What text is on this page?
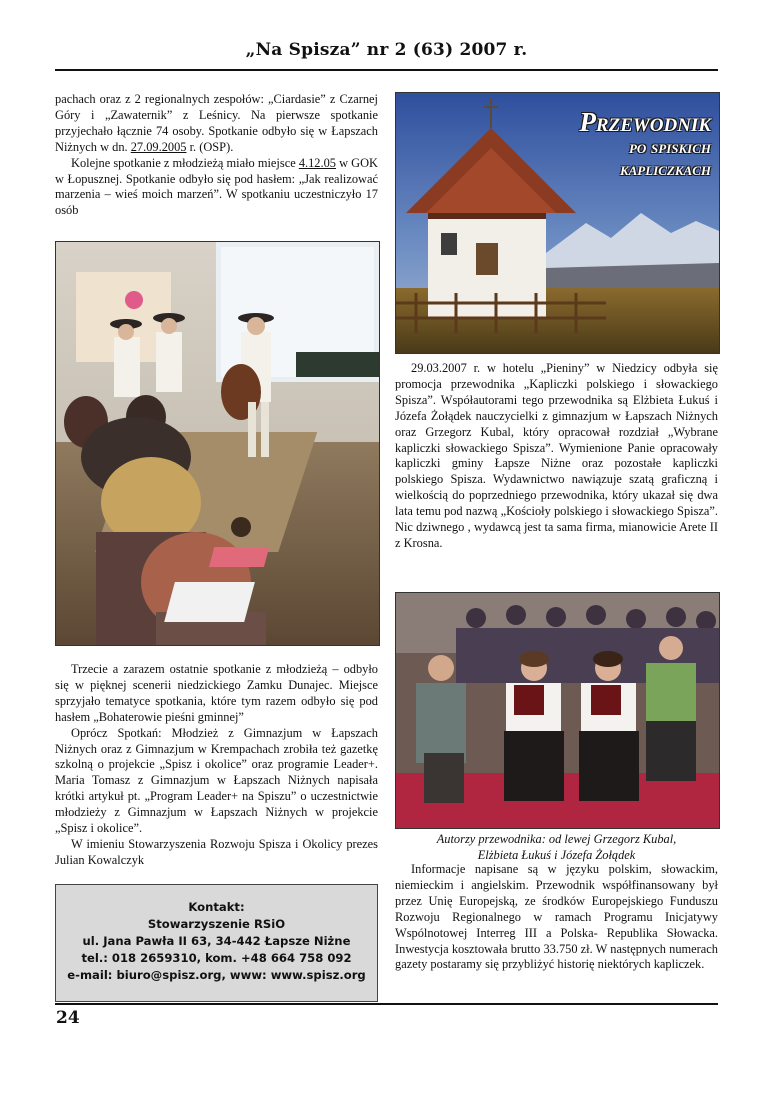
„Na Spisza” nr 2 (63) 2007 r.

pachach oraz z 2 regionalnych zespołów: „Ciardasie” z Czarnej Góry i „Zawaternik” z Leśnicy. Na pierwsze spotkanie przyjechało łącznie 74 osoby. Spotkanie odbyło się w Łapszach Niżnych w dn. 27.09.2005 r. (OSP).

Kolejne spotkanie z młodzieżą miało miejsce 4.12.05 w GOK w Łopusznej. Spotkanie odbyło się pod hasłem: „Jak realizować marzenia – wieś moich marzeń”. W spotkaniu uczestniczyło 17 osób

Trzecie a zarazem ostatnie spotkanie z młodzieżą – odbyło się w pięknej scenerii niedzickiego Zamku Dunajec. Miejsce sprzyjało tematyce spotkania, które tym razem odbyło się pod hasłem „Bohaterowie pieśni gminnej”

Oprócz Spotkań: Młodzież z Gimnazjum w Łapszach Niżnych oraz z Gimnazjum w Krempachach zrobiła też gazetkę szkolną o projekcie „Spisz i okolice” oraz programie Leader+. Maria Tomasz z Gimnazjum w Łapszach Niżnych napisała krótki artykuł pt. „Program Leader+ na Spiszu” o uczestnictwie młodzieży z Gimnazjum w Łapszach Niżnych w projekcie „Spisz i okolice”.

W imieniu Stowarzyszenia Rozwoju Spisza i Okolicy prezes Julian Kowalczyk

Kontakt:
Stowarzyszenie RSiO
ul. Jana Pawła II 63, 34-442 Łapsze Niżne
tel.: 018 2659310, kom. +48 664 758 092
e-mail: biuro@spisz.org, www: www.spisz.org
Przewodnik
po spiskich
kapliczkach

29.03.2007 r. w hotelu „Pieniny” w Niedzicy odbyła się promocja przewodnika „Kapliczki polskiego i słowackiego Spisza”. Współautorami tego przewodnika są Elżbieta Łukuś i Józefa Żołądek nauczycielki z gimnazjum w Łapszach Niżnych oraz Grzegorz Kubal, który opracował rozdział „Wybrane kapliczki słowackiego Spisza”. Wymienione Panie opracowały kapliczki gminy Łapsze Niżne oraz pozostałe kapliczki polskiego Spisza. Wydawnictwo nawiązuje szatą graficzną i wielkością do poprzedniego przewodnika, który ukazał się dwa lata temu pod nazwą „Kościoły polskiego i słowackiego Spisza”. Nic dziwnego , wydawcą jest ta sama firma, mianowicie Arete II z Krosna.

Autorzy przewodnika: od lewej Grzegorz Kubal,
Elżbieta Łukuś i Józefa Żołądek

Informacje napisane są w języku polskim, słowackim, niemieckim i angielskim. Przewodnik współfinansowany był przez Unię Europejską, ze środków Europejskiego Funduszu Rozwoju Regionalnego w ramach Programu Inicjatywy Wspólnotowej Interreg III a Polska- Republika Słowacka. Inwestycja kosztowała brutto 33.750 zł. W następnych numerach gazety postaramy się przybliżyć historię niektórych kapliczek.

24
